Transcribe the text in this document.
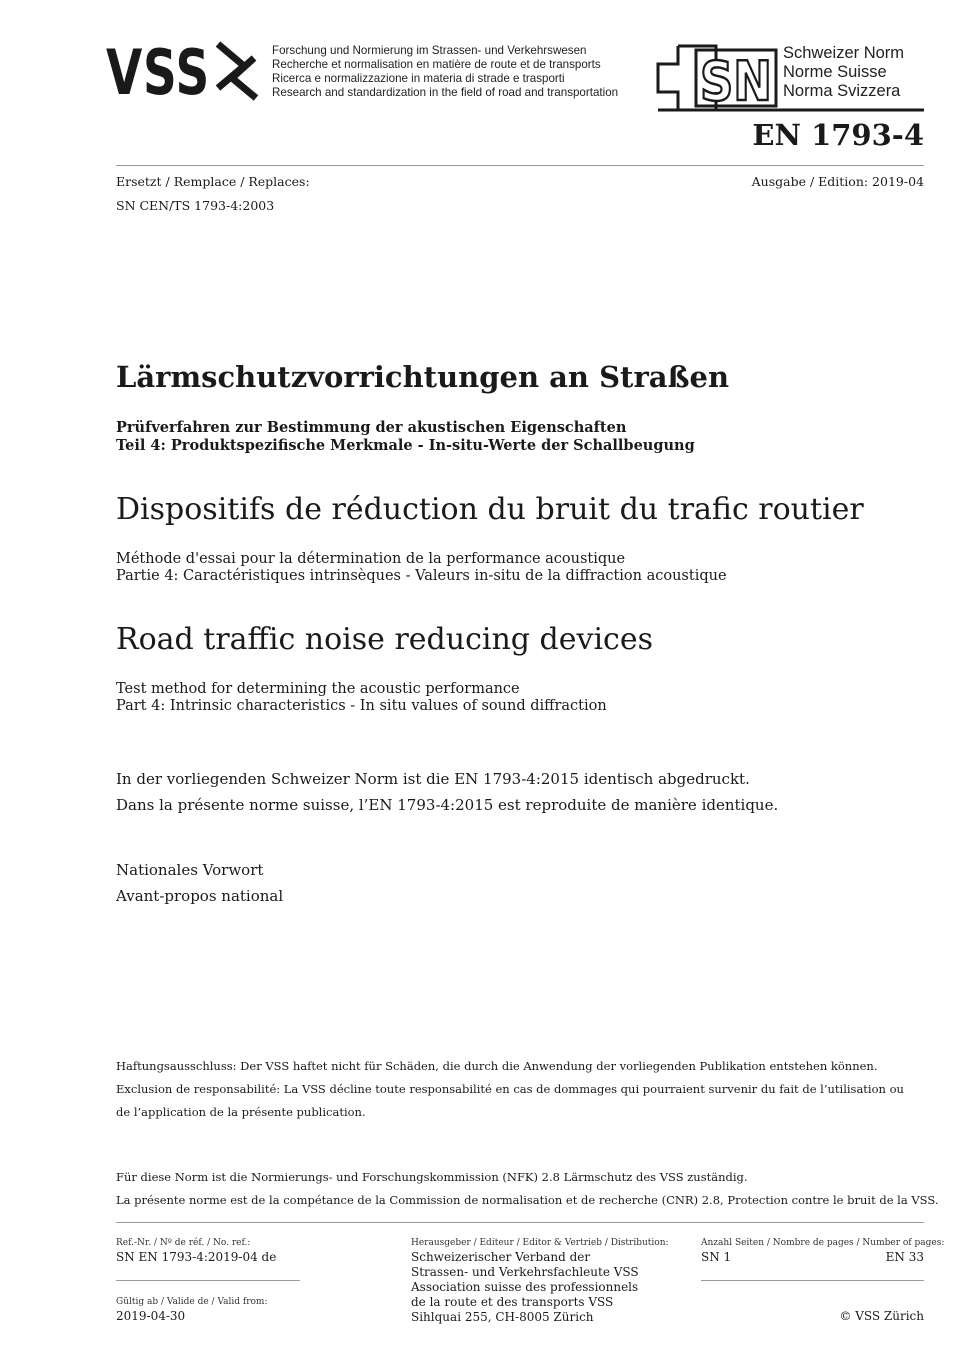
VSS	Forschung und Normierung im Strassen- und Verkehrswesen
Recherche et normalisation en matière de route et de transports
Ricerca e normalizzazione in materia di strade e trasporti
Research and standardization in the field of road and transportation SN Schweizer Norm
Norme Suisse
Norma Svizzera
EN 1793-4
Ersetzt / Remplace / Replaces:
SN CEN/TS 1793-4:2003
Ausgabe / Edition: 2019-04
Lärmschutzvorrichtungen an Straßen
Prüfverfahren zur Bestimmung der akustischen Eigenschaften
Teil 4: Produktspezifische Merkmale - In-situ-Werte der Schallbeugung
Dispositifs de réduction du bruit du trafic routier
Méthode d'essai pour la détermination de la performance acoustique
Partie 4: Caractéristiques intrinsèques - Valeurs in-situ de la diffraction acoustique
Road traffic noise reducing devices
Test method for determining the acoustic performance
Part 4: Intrinsic characteristics - In situ values of sound diffraction
In der vorliegenden Schweizer Norm ist die EN 1793-4:2015 identisch abgedruckt.
Dans la présente norme suisse, l’EN 1793-4:2015 est reproduite de manière identique.
Nationales Vorwort
Avant-propos national
Haftungsausschluss: Der VSS haftet nicht für Schäden, die durch die Anwendung der vorliegenden Publikation entstehen können.
Exclusion de responsabilité: La VSS décline toute responsabilité en cas de dommages qui pourraient survenir du fait de l’utilisation ou
de l’application de la présente publication.
Für diese Norm ist die Normierungs- und Forschungskommission (NFK) 2.8 Lärmschutz des VSS zuständig.
La présente norme est de la compétance de la Commission de normalisation et de recherche (CNR) 2.8, Protection contre le bruit de la VSS.
Ref.-Nr. / Nº de réf. / No. ref.:
SN EN 1793-4:2019-04 de
Gültig ab / Valide de / Valid from:
2019-04-30
Herausgeber / Editeur / Editor & Vertrieb / Distribution:
Schweizerischer Verband der
Strassen- und Verkehrsfachleute VSS
Association suisse des professionnels
de la route et des transports VSS
Sihlquai 255, CH-8005 Zürich
Anzahl Seiten / Nombre de pages / Number of pages:
SN 1	EN 33
© VSS Zürich
